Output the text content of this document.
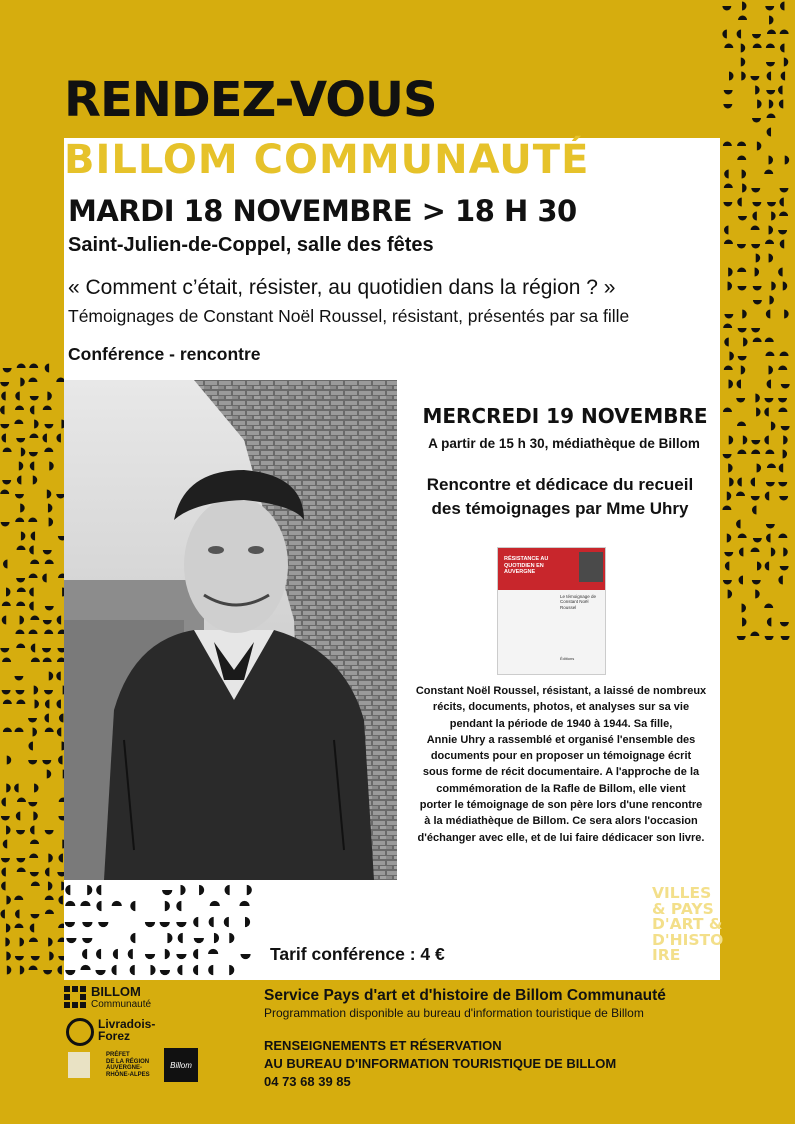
RENDEZ-VOUS
BILLOM COMMUNAUTÉ
MARDI 18 NOVEMBRE > 18 H 30
Saint-Julien-de-Coppel, salle des fêtes
« Comment c’était, résister, au quotidien dans la région ? »
Témoignages de Constant Noël Roussel, résistant, présentés par sa fille
Conférence - rencontre
MERCREDI 19 NOVEMBRE
A partir de 15 h 30, médiathèque de Billom
Rencontre et dédicace du recueil
des témoignages par Mme Uhry
RÉSISTANCE AU QUOTIDIEN EN AUVERGNE
Le témoignage de Constant Noël Roussel
Éditions
Constant Noël Roussel, résistant, a laissé de nombreux
récits, documents, photos, et analyses sur sa vie
pendant la période de 1940 à 1944. Sa fille,
Annie Uhry a rassemblé et organisé l'ensemble des
documents pour en proposer un témoignage écrit
sous forme de récit documentaire. A l'approche de la
commémoration de la Rafle de Billom, elle vient
porter le témoignage de son père lors d'une rencontre
à la médiathèque de Billom. Ce sera alors l'occasion
d'échanger avec elle, et de lui faire dédicacer son livre.
Tarif conférence : 4 €
VILLES
& PAYS
D'ART &
D'HISTO
IRE
BILLOM
Communauté
Livradois-
Forez
PRÉFET
DE LA RÉGION
AUVERGNE-
RHÔNE-ALPES
Billom
Service Pays d'art et d'histoire de Billom Communauté
Programmation disponible au bureau d'information touristique de Billom
RENSEIGNEMENTS ET RÉSERVATION
AU BUREAU D'INFORMATION TOURISTIQUE DE BILLOM
04 73 68 39 85
